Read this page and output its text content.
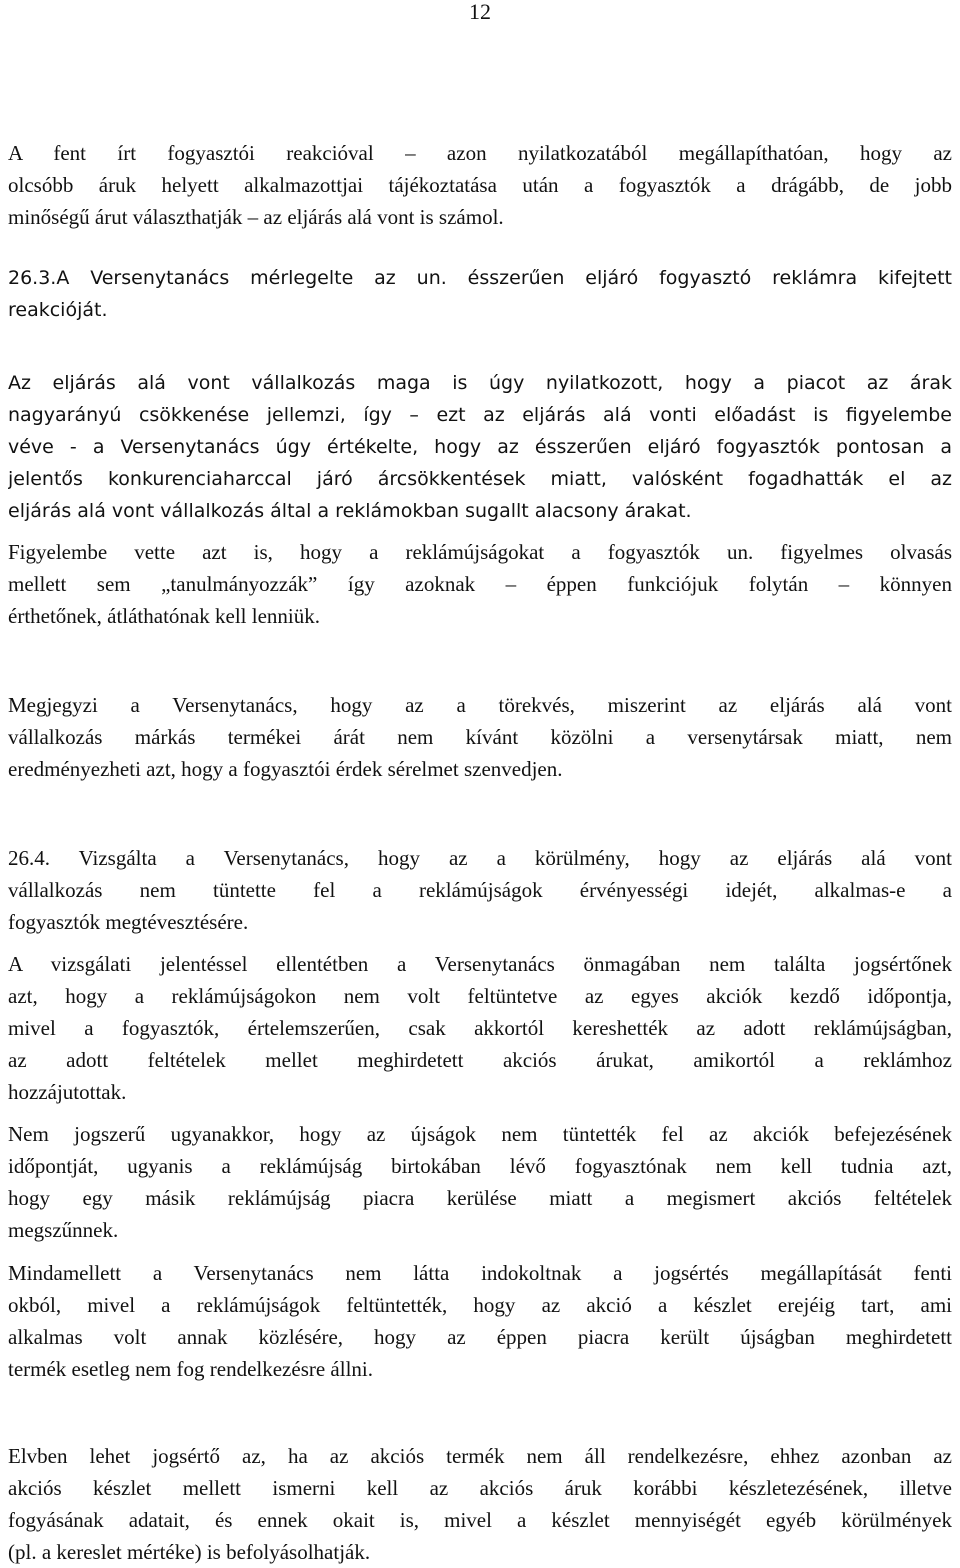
12
A fent írt fogyasztói reakcióval – azon nyilatkozatából megállapíthatóan, hogy az
olcsóbb áruk helyett alkalmazottjai tájékoztatása után a fogyasztók a drágább, de jobb
minőségű árut választhatják – az eljárás alá vont is számol.
26.3.A Versenytanács mérlegelte az un. ésszerűen eljáró fogyasztó reklámra kifejtett
reakcióját.
Az eljárás alá vont vállalkozás maga is úgy nyilatkozott, hogy a piacot az árak
nagyarányú csökkenése jellemzi, így – ezt az eljárás alá vonti előadást is figyelembe
véve - a Versenytanács úgy értékelte, hogy az ésszerűen eljáró fogyasztók pontosan a
jelentős konkurenciaharccal járó árcsökkentések miatt, valósként fogadhatták el az
eljárás alá vont vállalkozás által a reklámokban sugallt alacsony árakat.
Figyelembe vette azt is, hogy a reklámújságokat a fogyasztók un. figyelmes olvasás
mellett sem „tanulmányozzák” így azoknak – éppen funkciójuk folytán – könnyen
érthetőnek, átláthatónak kell lenniük.
Megjegyzi a Versenytanács, hogy az a törekvés, miszerint az eljárás alá vont
vállalkozás márkás termékei árát nem kívánt közölni a versenytársak miatt, nem
eredményezheti azt, hogy a fogyasztói érdek sérelmet szenvedjen.
26.4. Vizsgálta a Versenytanács, hogy az a körülmény, hogy az eljárás alá vont
vállalkozás nem tüntette fel a reklámújságok érvényességi idejét, alkalmas-e a
fogyasztók megtévesztésére.
A vizsgálati jelentéssel ellentétben a Versenytanács önmagában nem találta jogsértőnek
azt, hogy a reklámújságokon nem volt feltüntetve az egyes akciók kezdő időpontja,
mivel a fogyasztók, értelemszerűen, csak akkortól kereshették az adott reklámújságban,
az adott feltételek mellet meghirdetett akciós árukat, amikortól a reklámhoz
hozzájutottak.
Nem jogszerű ugyanakkor, hogy az újságok nem tüntették fel az akciók befejezésének
időpontját, ugyanis a reklámújság birtokában lévő fogyasztónak nem kell tudnia azt,
hogy egy másik reklámújság piacra kerülése miatt a megismert akciós feltételek
megszűnnek.
Mindamellett a Versenytanács nem látta indokoltnak a jogsértés megállapítását fenti
okból, mivel a reklámújságok feltüntették, hogy az akció a készlet erejéig tart, ami
alkalmas volt annak közlésére, hogy az éppen piacra került újságban meghirdetett
termék esetleg nem fog rendelkezésre állni.
Elvben lehet jogsértő az, ha az akciós termék nem áll rendelkezésre, ehhez azonban az
akciós készlet mellett ismerni kell az akciós áruk korábbi készletezésének, illetve
fogyásának adatait, és ennek okait is, mivel a készlet mennyiségét egyéb körülmények
(pl. a kereslet mértéke) is befolyásolhatják.
